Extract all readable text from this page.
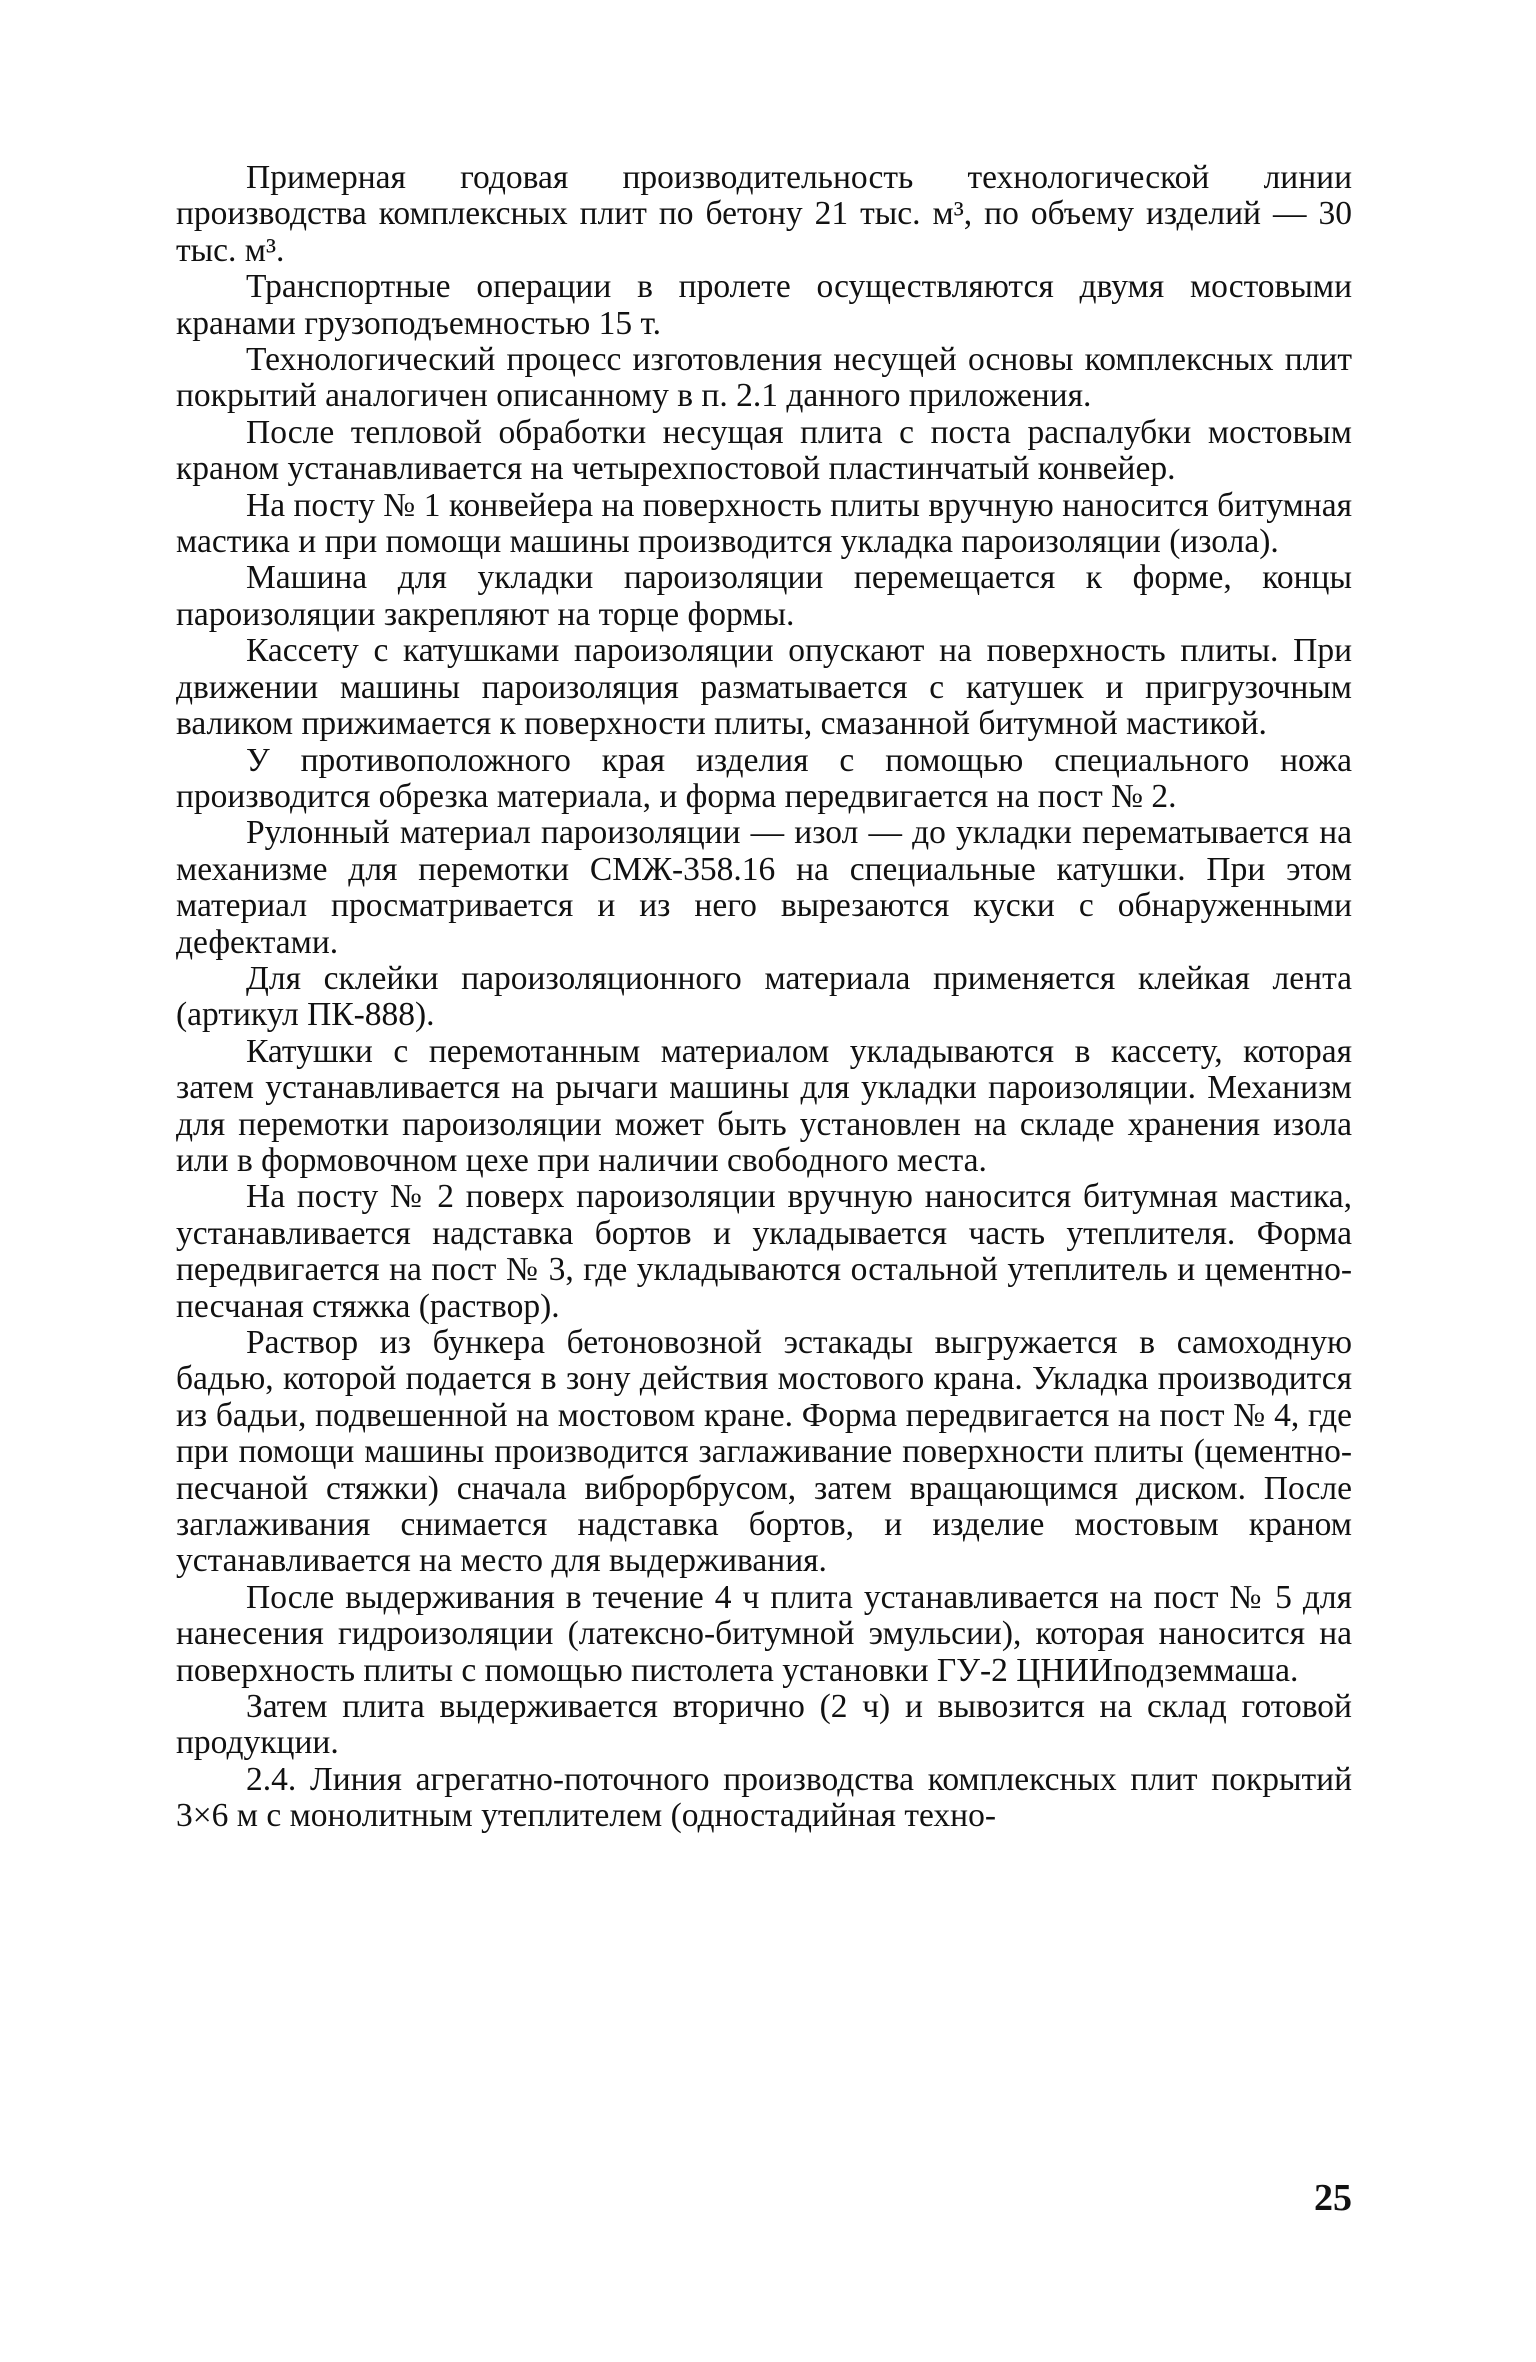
Примерная годовая производительность технологической линии производства комплексных плит по бетону 21 тыс. м³, по объему изделий — 30 тыс. м³.

Транспортные операции в пролете осуществляются двумя мостовыми кранами грузоподъемностью 15 т.

Технологический процесс изготовления несущей основы комплексных плит покрытий аналогичен описанному в п. 2.1 данного приложения.

После тепловой обработки несущая плита с поста распалубки мостовым краном устанавливается на четырехпостовой пластинчатый конвейер.

На посту № 1 конвейера на поверхность плиты вручную наносится битумная мастика и при помощи машины производится укладка пароизоляции (изола).

Машина для укладки пароизоляции перемещается к форме, концы пароизоляции закрепляют на торце формы.

Кассету с катушками пароизоляции опускают на поверхность плиты. При движении машины пароизоляция разматывается с катушек и пригрузочным валиком прижимается к поверхности плиты, смазанной битумной мастикой.

У противоположного края изделия с помощью специального ножа производится обрезка материала, и форма передвигается на пост № 2.

Рулонный материал пароизоляции — изол — до укладки перематывается на механизме для перемотки СМЖ-358.16 на специальные катушки. При этом материал просматривается и из него вырезаются куски с обнаруженными дефектами.

Для склейки пароизоляционного материала применяется клейкая лента (артикул ПК-888).

Катушки с перемотанным материалом укладываются в кассету, которая затем устанавливается на рычаги машины для укладки пароизоляции. Механизм для перемотки пароизоляции может быть установлен на складе хранения изола или в формовочном цехе при наличии свободного места.

На посту № 2 поверх пароизоляции вручную наносится битумная мастика, устанавливается надставка бортов и укладывается часть утеплителя. Форма передвигается на пост № 3, где укладываются остальной утеплитель и цементно-песчаная стяжка (раствор).

Раствор из бункера бетоновозной эстакады выгружается в самоходную бадью, которой подается в зону действия мостового крана. Укладка производится из бадьи, подвешенной на мостовом кране. Форма передвигается на пост № 4, где при помощи машины производится заглаживание поверхности плиты (цементно-песчаной стяжки) сначала виброрбрусом, затем вращающимся диском. После заглаживания снимается надставка бортов, и изделие мостовым краном устанавливается на место для выдерживания.

После выдерживания в течение 4 ч плита устанавливается на пост № 5 для нанесения гидроизоляции (латексно-битумной эмульсии), которая наносится на поверхность плиты с помощью пистолета установки ГУ-2 ЦНИИподземмаша.

Затем плита выдерживается вторично (2 ч) и вывозится на склад готовой продукции.

2.4. Линия агрегатно-поточного производства комплексных плит покрытий 3×6 м с монолитным утеплителем (одностадийная техно-

25
